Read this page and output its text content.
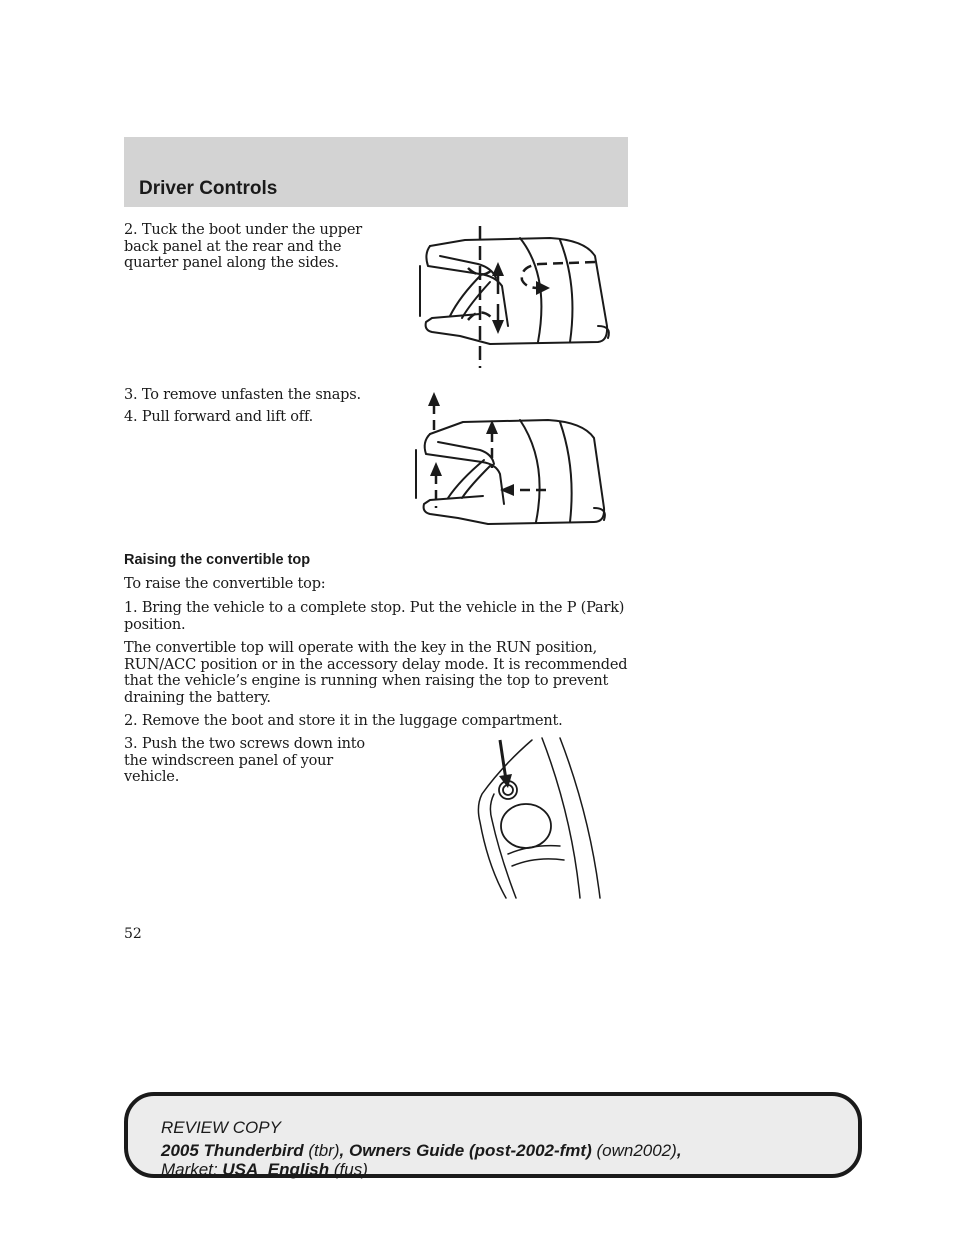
Driver Controls
2. Tuck the boot under the upper
back panel at the rear and the
quarter panel along the sides.
3. To remove unfasten the snaps.
4. Pull forward and lift off.
Raising the convertible top
To raise the convertible top:
1. Bring the vehicle to a complete stop. Put the vehicle in the P (Park)
position.
The convertible top will operate with the key in the RUN position,
RUN/ACC position or in the accessory delay mode. It is recommended
that the vehicle’s engine is running when raising the top to prevent
draining the battery.
2. Remove the boot and store it in the luggage compartment.
3. Push the two screws down into
the windscreen panel of your
vehicle.
52
REVIEW COPY
2005 Thunderbird (tbr), Owners Guide (post-2002-fmt) (own2002),
Market: USA_English (fus)
